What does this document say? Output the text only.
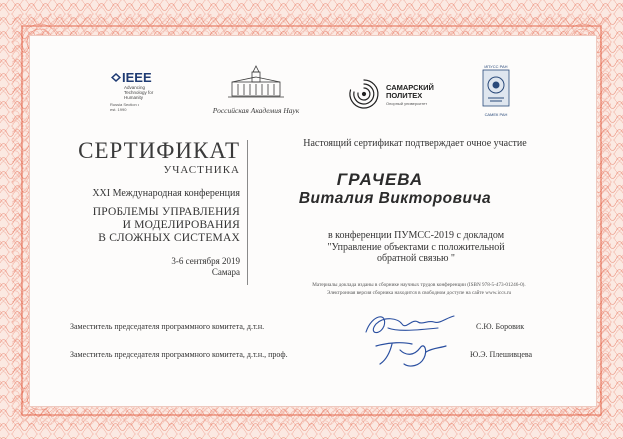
IEEE
Advancing Technology for Humanity
Russia Section • est. 1990	Российская Академия Наук
САМАРСКИЙ
ПОЛИТЕХ
Опорный университет
ИПУСС РАН
САМЕК РАН
СЕРТИФИКАТ
УЧАСТНИКА
XXI Международная конференция
ПРОБЛЕМЫ УПРАВЛЕНИЯ
И МОДЕЛИРОВАНИЯ
В СЛОЖНЫХ СИСТЕМАХ
3-6 сентября 2019
Самара
Настоящий сертификат подтверждает очное участие
ГРАЧЕВА
Виталия Викторовича
в конференции ПУМСС-2019 с докладом
"Управление объектами с положительной
обратной связью "
Материалы доклада изданы в сборнике научных трудов конференции (ISBN 978-5-473-01246-0).
Электронная версия сборника находится в свободном доступе на сайте www.iccs.ru
Заместитель председателя программного комитета, д.т.н.	С.Ю. Боровик
Заместитель председателя программного комитета, д.т.н., проф.	Ю.Э. Плешивцева
